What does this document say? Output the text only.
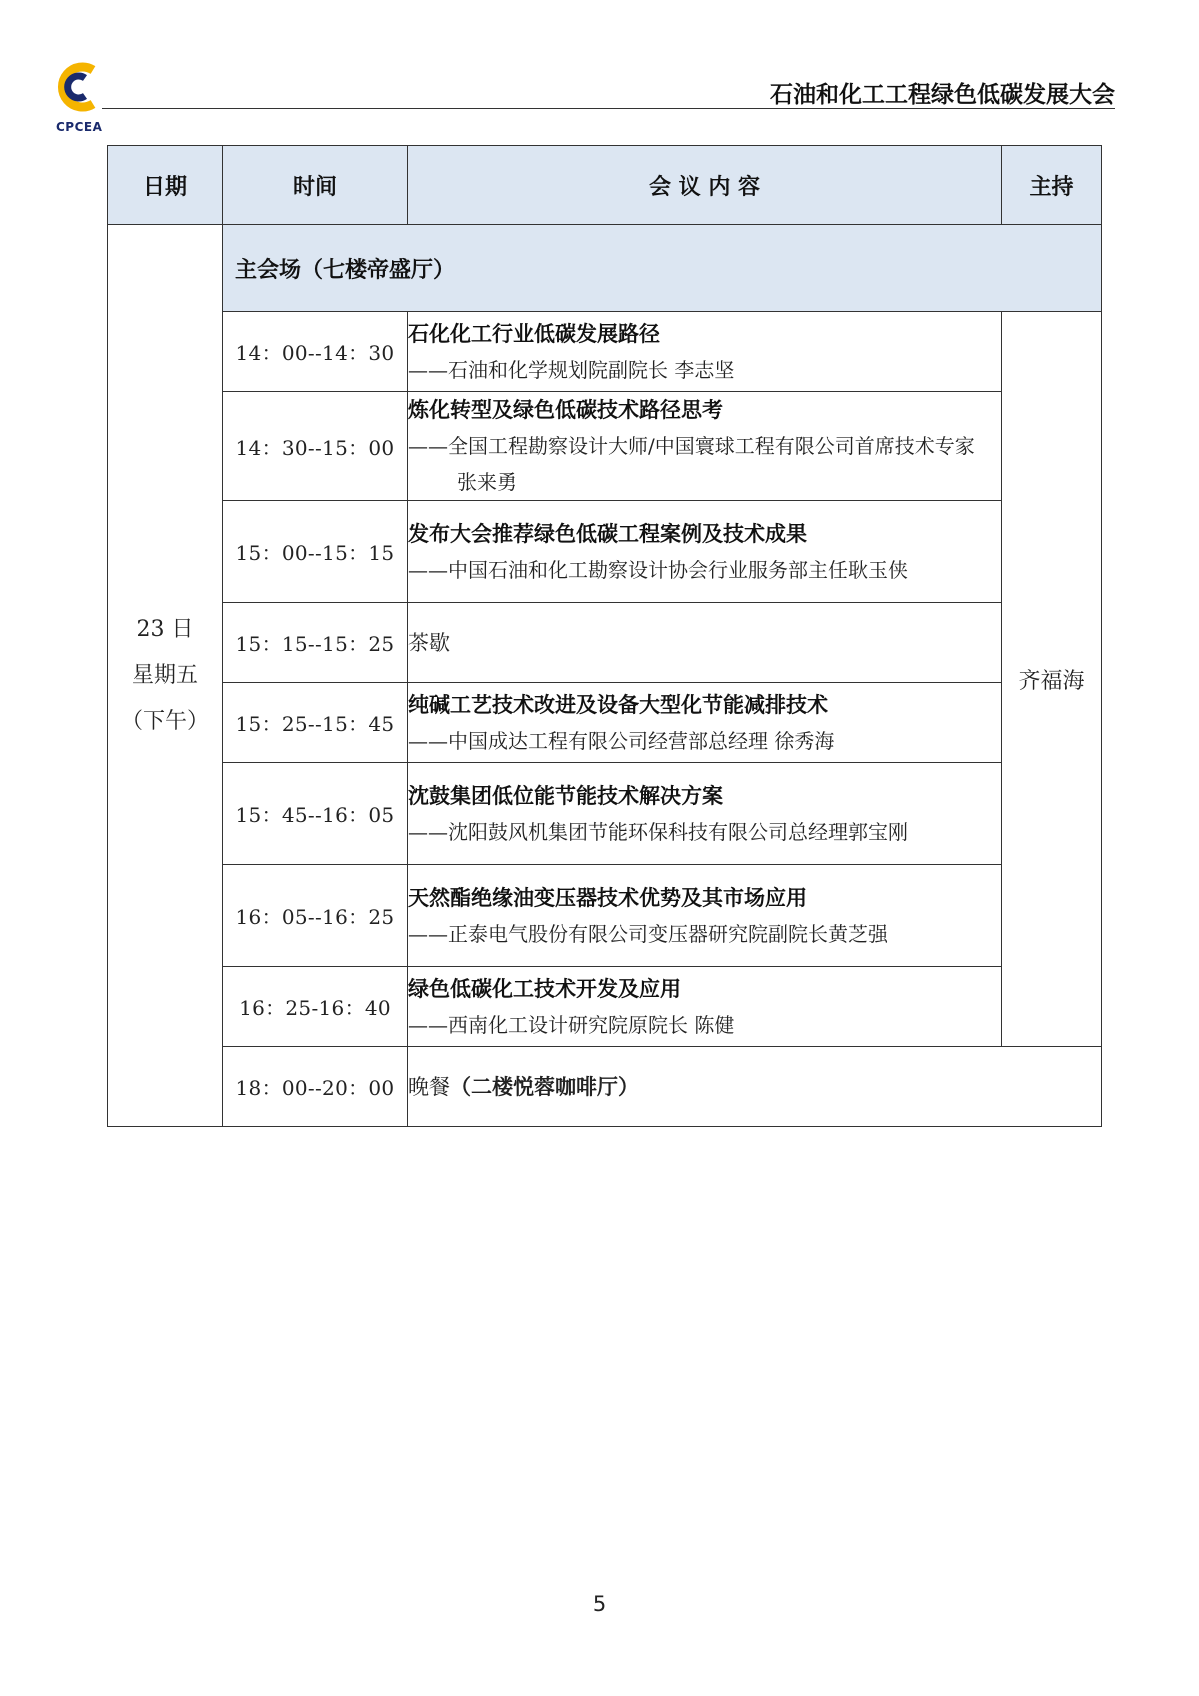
CPCEA
石油和化工工程绿色低碳发展大会
日期	时间	会 议 内 容	主持

23 日
星期五
（下午）	主会场（七楼帝盛厅）		
	14：00--14：30	石化化工行业低碳发展路径
——石油和化学规划院副院长 李志坚	齐福海
	14：30--15：00	炼化转型及绿色低碳技术路径思考
——全国工程勘察设计大师/中国寰球工程有限公司首席技术专家 张来勇	

	15：00--15：15	发布大会推荐绿色低碳工程案例及技术成果
——中国石油和化工勘察设计协会行业服务部主任耿玉侠	

	15：15--15：25	茶歇	

	15：25--15：45	纯碱工艺技术改进及设备大型化节能减排技术
——中国成达工程有限公司经营部总经理 徐秀海	

	15：45--16：05	沈鼓集团低位能节能技术解决方案
——沈阳鼓风机集团节能环保科技有限公司总经理郭宝刚	

	16：05--16：25	天然酯绝缘油变压器技术优势及其市场应用
——正泰电气股份有限公司变压器研究院副院长黄芝强	

	16：25-16：40	绿色低碳化工技术开发及应用
——西南化工设计研究院原院长 陈健	

	18：00--20：00	晚餐（二楼悦蓉咖啡厅）	
5
